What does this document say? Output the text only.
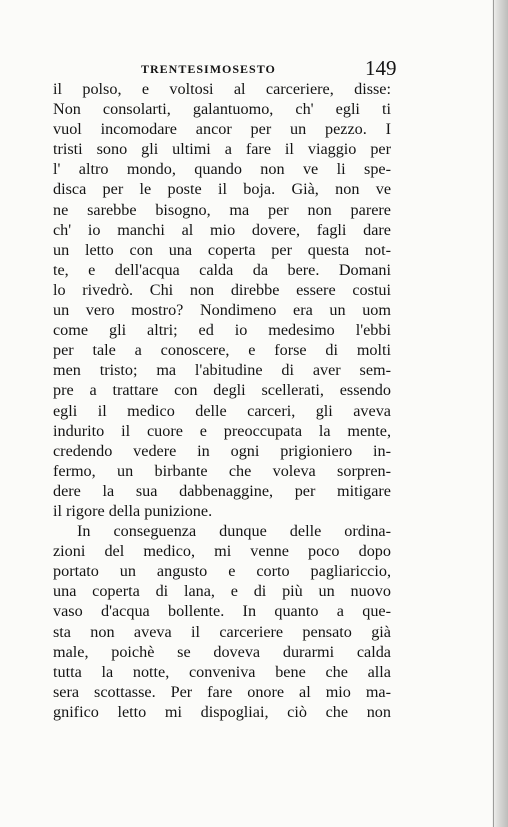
TRENTESIMOSESTO	149
il polso, e voltosi al carceriere, disse:
Non consolarti, galantuomo, ch' egli ti
vuol incomodare ancor per un pezzo. I
tristi sono gli ultimi a fare il viaggio per
l' altro mondo, quando non ve li spe-
disca per le poste il boja. Già, non ve
ne sarebbe bisogno, ma per non parere
ch' io manchi al mio dovere, fagli dare
un letto con una coperta per questa not-
te, e dell'acqua calda da bere. Domani
lo rivedrò. Chi non direbbe essere costui
un vero mostro? Nondimeno era un uom
come gli altri; ed io medesimo l'ebbi
per tale a conoscere, e forse di molti
men tristo; ma l'abitudine di aver sem-
pre a trattare con degli scellerati, essendo
egli il medico delle carceri, gli aveva
indurito il cuore e preoccupata la mente,
credendo vedere in ogni prigioniero in-
fermo, un birbante che voleva sorpren-
dere la sua dabbenaggine, per mitigare
il rigore della punizione.
In conseguenza dunque delle ordina-
zioni del medico, mi venne poco dopo
portato un angusto e corto pagliariccio,
una coperta di lana, e di più un nuovo
vaso d'acqua bollente. In quanto a que-
sta non aveva il carceriere pensato già
male, poichè se doveva durarmi calda
tutta la notte, conveniva bene che alla
sera scottasse. Per fare onore al mio ma-
gnifico letto mi dispogliai, ciò che non
